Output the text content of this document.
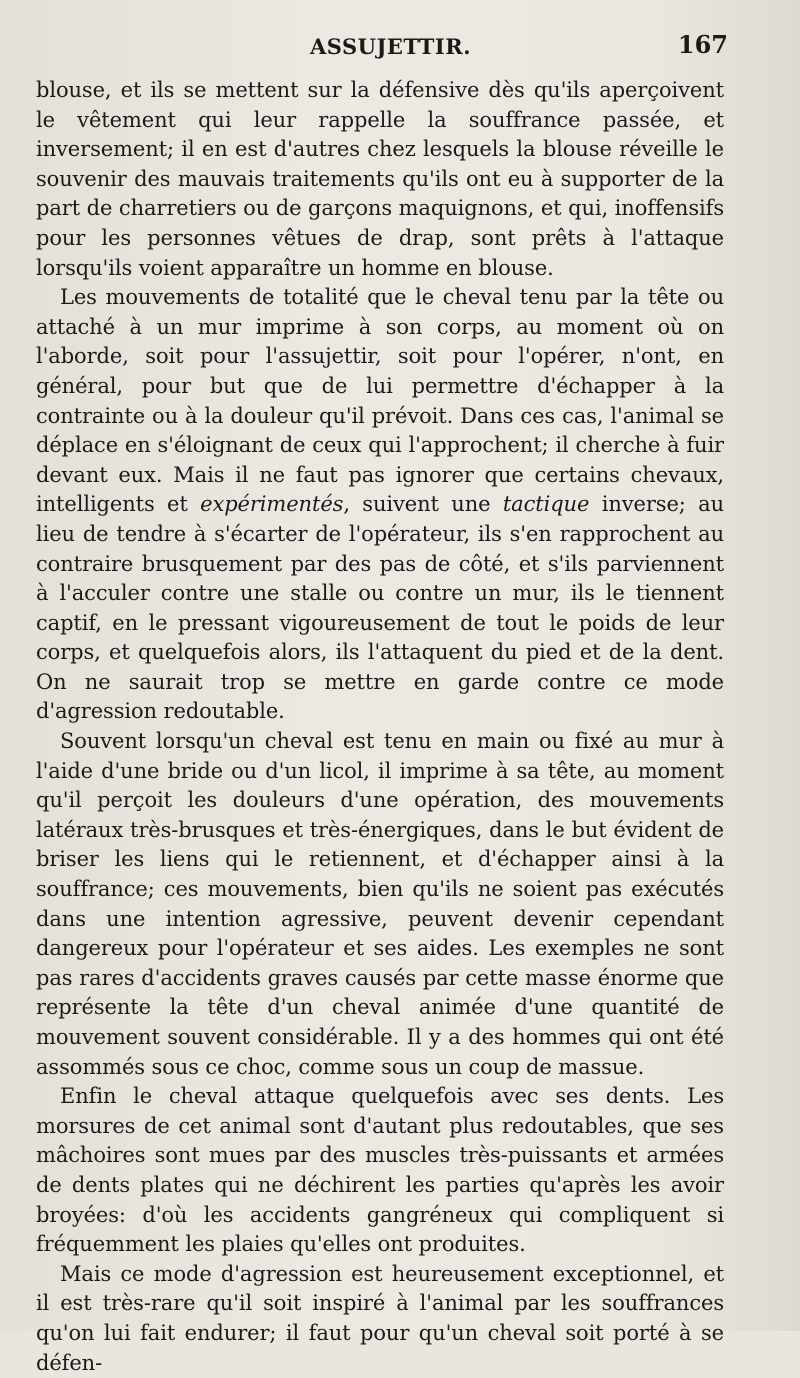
ASSUJETTIR.	167

blouse, et ils se mettent sur la défensive dès qu'ils aperçoivent le vêtement qui leur rappelle la souffrance passée, et inversement; il en est d'autres chez lesquels la blouse réveille le souvenir des mauvais traitements qu'ils ont eu à supporter de la part de charretiers ou de garçons maquignons, et qui, inoffensifs pour les personnes vêtues de drap, sont prêts à l'attaque lorsqu'ils voient apparaître un homme en blouse.

Les mouvements de totalité que le cheval tenu par la tête ou attaché à un mur imprime à son corps, au moment où on l'aborde, soit pour l'assujettir, soit pour l'opérer, n'ont, en général, pour but que de lui permettre d'échapper à la contrainte ou à la douleur qu'il prévoit. Dans ces cas, l'animal se déplace en s'éloignant de ceux qui l'approchent; il cherche à fuir devant eux. Mais il ne faut pas ignorer que certains chevaux, intelligents et expérimentés, suivent une tactique inverse; au lieu de tendre à s'écarter de l'opérateur, ils s'en rapprochent au contraire brusquement par des pas de côté, et s'ils parviennent à l'acculer contre une stalle ou contre un mur, ils le tiennent captif, en le pressant vigoureusement de tout le poids de leur corps, et quelquefois alors, ils l'attaquent du pied et de la dent. On ne saurait trop se mettre en garde contre ce mode d'agression redoutable.

Souvent lorsqu'un cheval est tenu en main ou fixé au mur à l'aide d'une bride ou d'un licol, il imprime à sa tête, au moment qu'il perçoit les douleurs d'une opération, des mouvements latéraux très-brusques et très-énergiques, dans le but évident de briser les liens qui le retiennent, et d'échapper ainsi à la souffrance; ces mouvements, bien qu'ils ne soient pas exécutés dans une intention agressive, peuvent devenir cependant dangereux pour l'opérateur et ses aides. Les exemples ne sont pas rares d'accidents graves causés par cette masse énorme que représente la tête d'un cheval animée d'une quantité de mouvement souvent considérable. Il y a des hommes qui ont été assommés sous ce choc, comme sous un coup de massue.

Enfin le cheval attaque quelquefois avec ses dents. Les morsures de cet animal sont d'autant plus redoutables, que ses mâchoires sont mues par des muscles très-puissants et armées de dents plates qui ne déchirent les parties qu'après les avoir broyées: d'où les accidents gangréneux qui compliquent si fréquemment les plaies qu'elles ont produites.

Mais ce mode d'agression est heureusement exceptionnel, et il est très-rare qu'il soit inspiré à l'animal par les souffrances qu'on lui fait endurer; il faut pour qu'un cheval soit porté à se défen-
